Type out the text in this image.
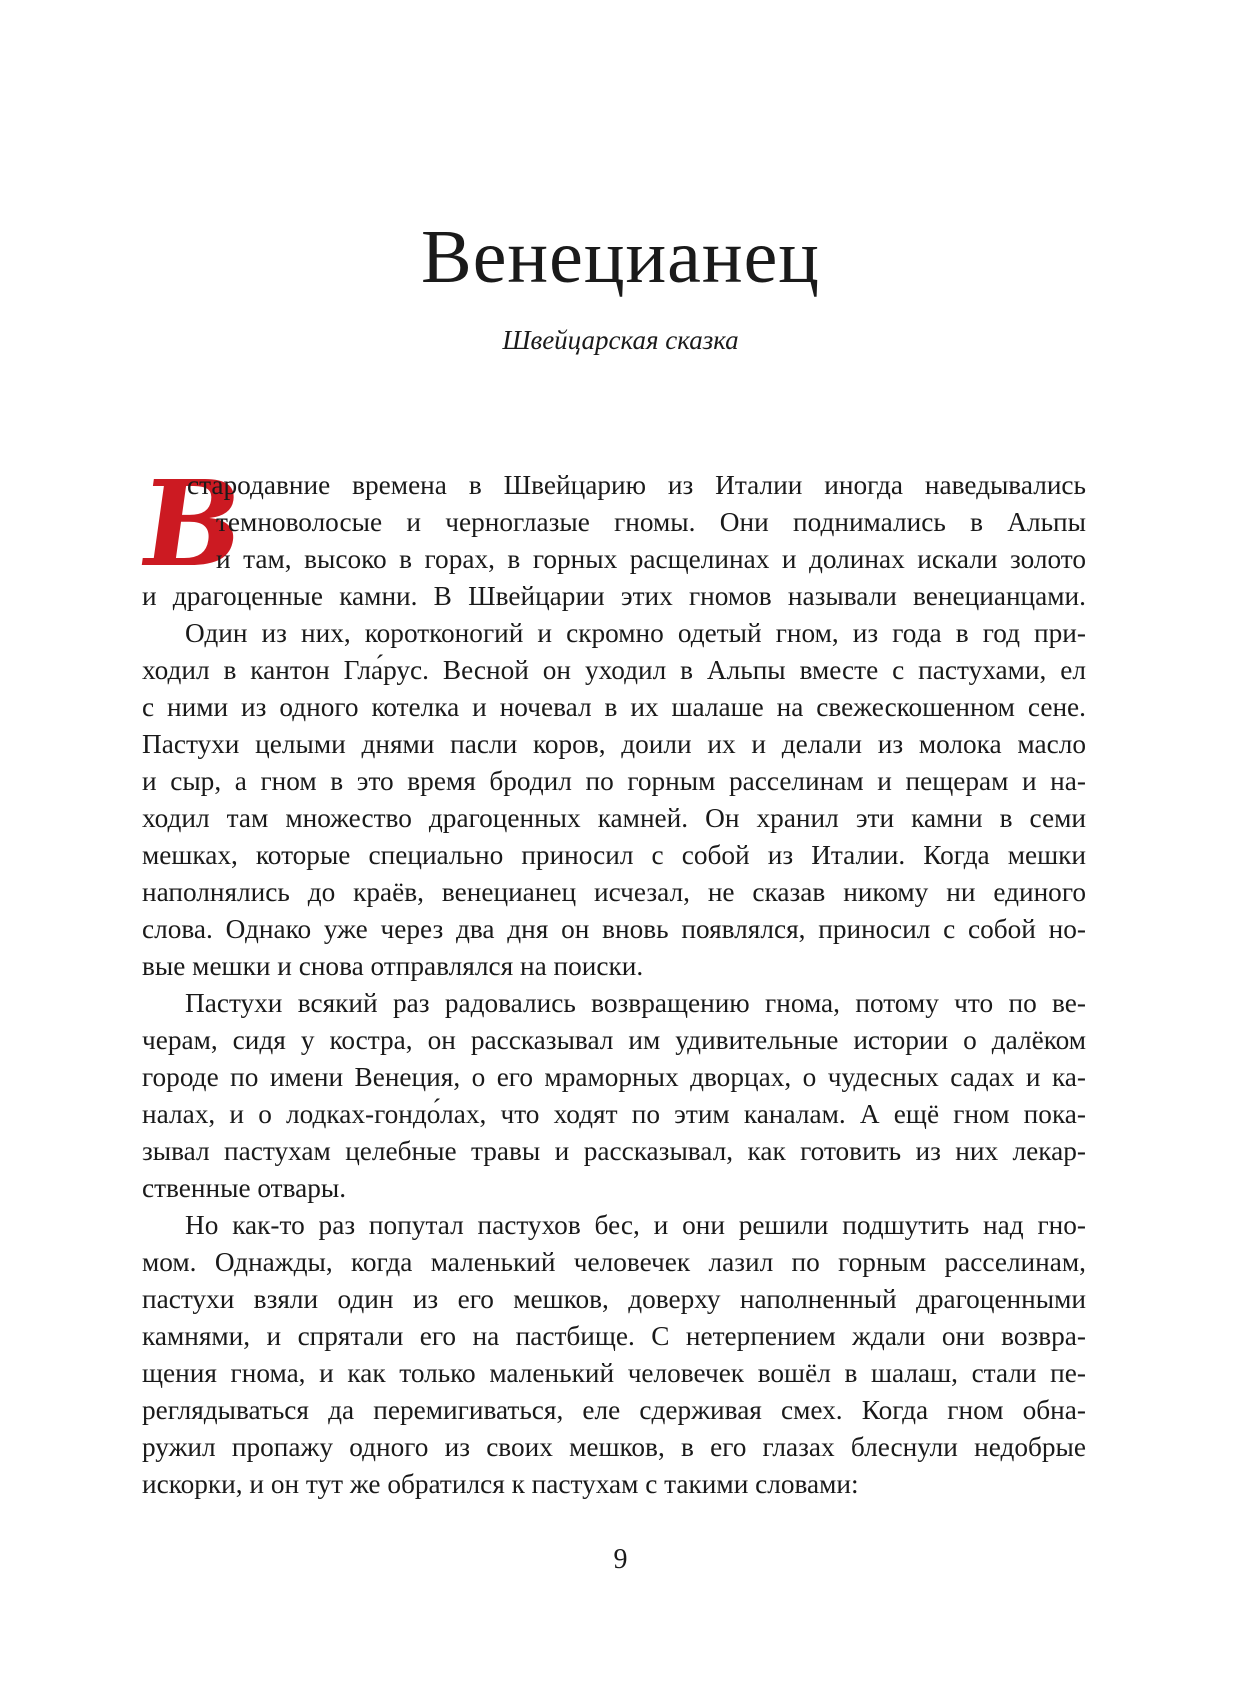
Венецианец

Швейцарская сказка

В
стародавние времена в Швейцарию из Италии иногда наведывались
темноволосые и черноглазые гномы. Они поднимались в Альпы
и там, высоко в горах, в горных расщелинах и долинах искали золото
и драгоценные камни. В Швейцарии этих гномов называли венецианцами.
Один из них, коротконогий и скромно одетый гном, из года в год при-
ходил в кантон Гла́рус. Весной он уходил в Альпы вместе с пастухами, ел
с ними из одного котелка и ночевал в их шалаше на свежескошенном сене.
Пастухи целыми днями пасли коров, доили их и делали из молока масло
и сыр, а гном в это время бродил по горным расселинам и пещерам и на-
ходил там множество драгоценных камней. Он хранил эти камни в семи
мешках, которые специально приносил с собой из Италии. Когда мешки
наполнялись до краёв, венецианец исчезал, не сказав никому ни единого
слова. Однако уже через два дня он вновь появлялся, приносил с собой но-
вые мешки и снова отправлялся на поиски.
Пастухи всякий раз радовались возвращению гнома, потому что по ве-
черам, сидя у костра, он рассказывал им удивительные истории о далёком
городе по имени Венеция, о его мраморных дворцах, о чудесных садах и ка-
налах, и о лодках-гондо́лах, что ходят по этим каналам. А ещё гном пока-
зывал пастухам целебные травы и рассказывал, как готовить из них лекар-
ственные отвары.
Но как-то раз попутал пастухов бес, и они решили подшутить над гно-
мом. Однажды, когда маленький человечек лазил по горным расселинам,
пастухи взяли один из его мешков, доверху наполненный драгоценными
камнями, и спрятали его на пастбище. С нетерпением ждали они возвра-
щения гнома, и как только маленький человечек вошёл в шалаш, стали пе-
реглядываться да перемигиваться, еле сдерживая смех. Когда гном обна-
ружил пропажу одного из своих мешков, в его глазах блеснули недобрые
искорки, и он тут же обратился к пастухам с такими словами:
9
